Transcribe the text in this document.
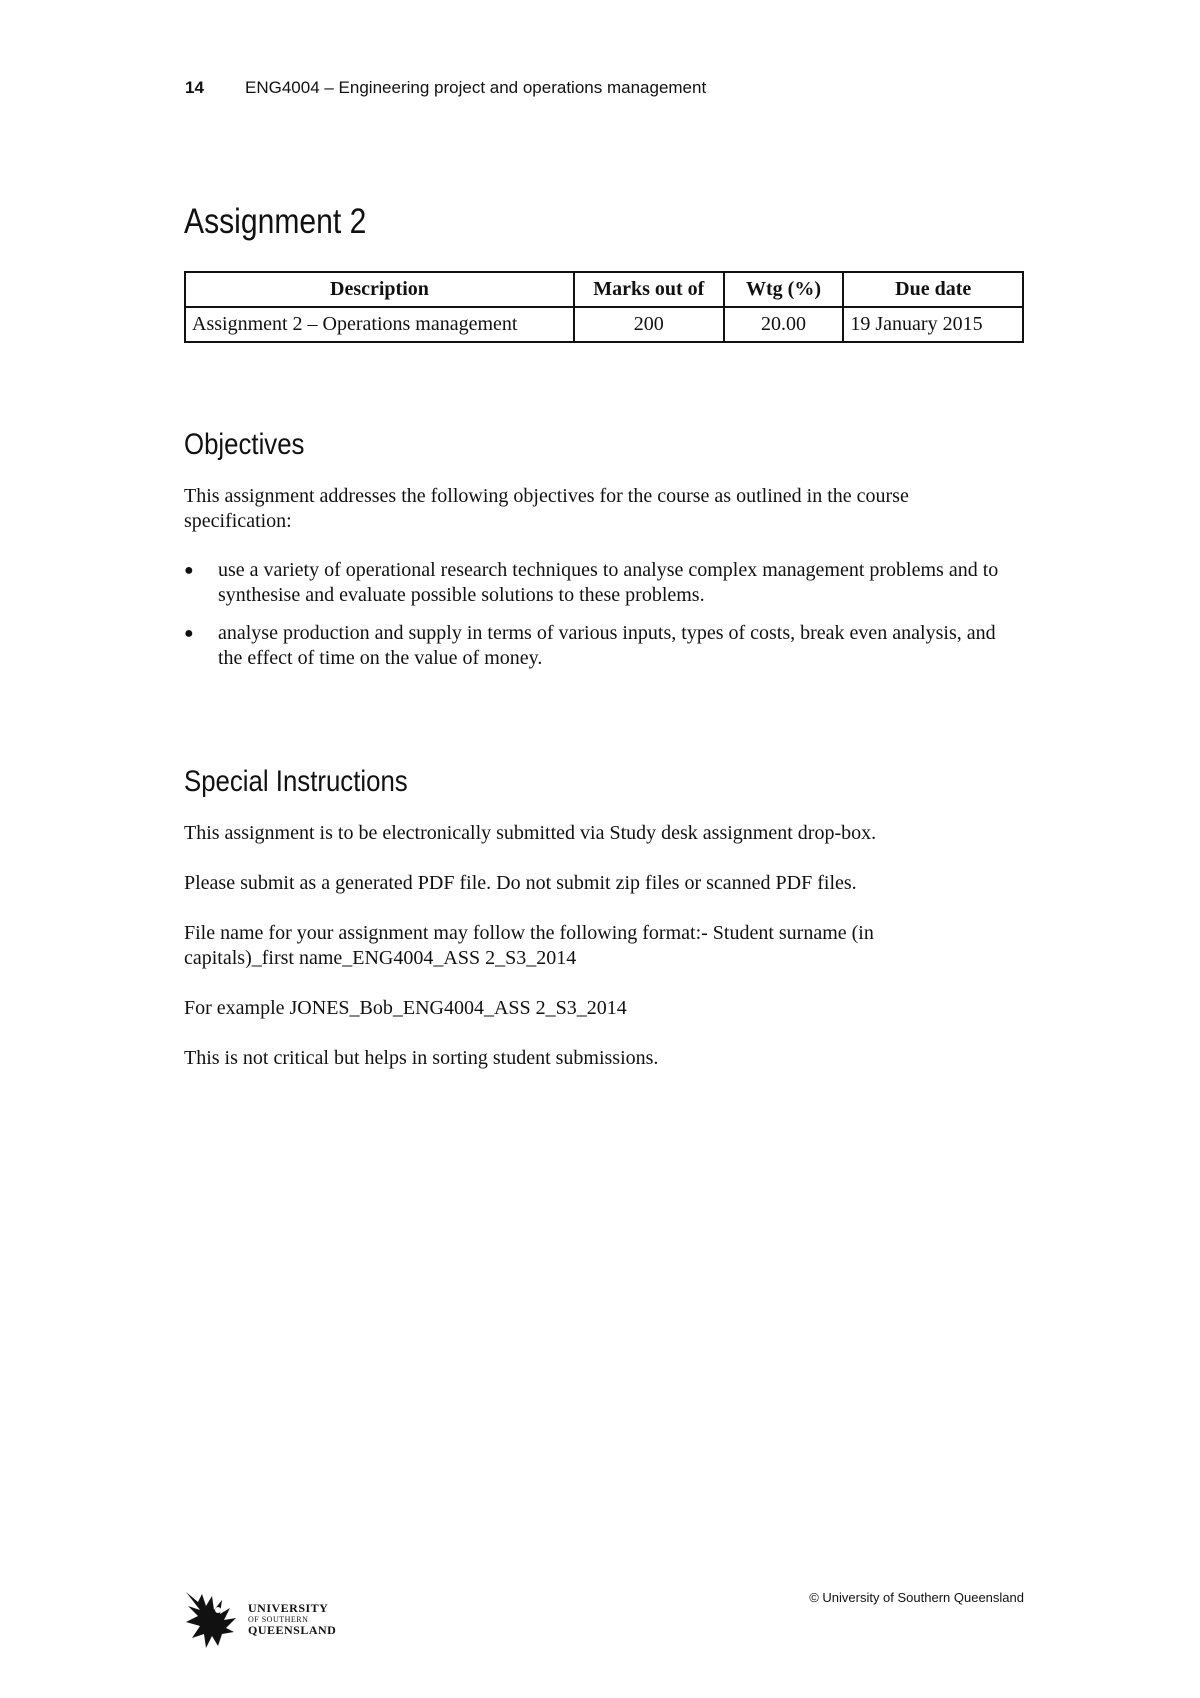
14	ENG4004 – Engineering project and operations management
Assignment 2
Description	Marks out of	Wtg (%)	Due date
Assignment 2 – Operations management	200	20.00	19 January 2015
Objectives

This assignment addresses the following objectives for the course as outlined in the course specification:

● use a variety of operational research techniques to analyse complex management problems and to synthesise and evaluate possible solutions to these problems.
● analyse production and supply in terms of various inputs, types of costs, break even analysis, and the effect of time on the value of money.
Special Instructions

This assignment is to be electronically submitted via Study desk assignment drop-box.

Please submit as a generated PDF file. Do not submit zip files or scanned PDF files.

File name for your assignment may follow the following format:- Student surname (in capitals)_first name_ENG4004_ASS 2_S3_2014

For example JONES_Bob_ENG4004_ASS 2_S3_2014

This is not critical but helps in sorting student submissions.

UNIVERSITY
OF SOUTHERN
QUEENSLAND
© University of Southern Queensland
